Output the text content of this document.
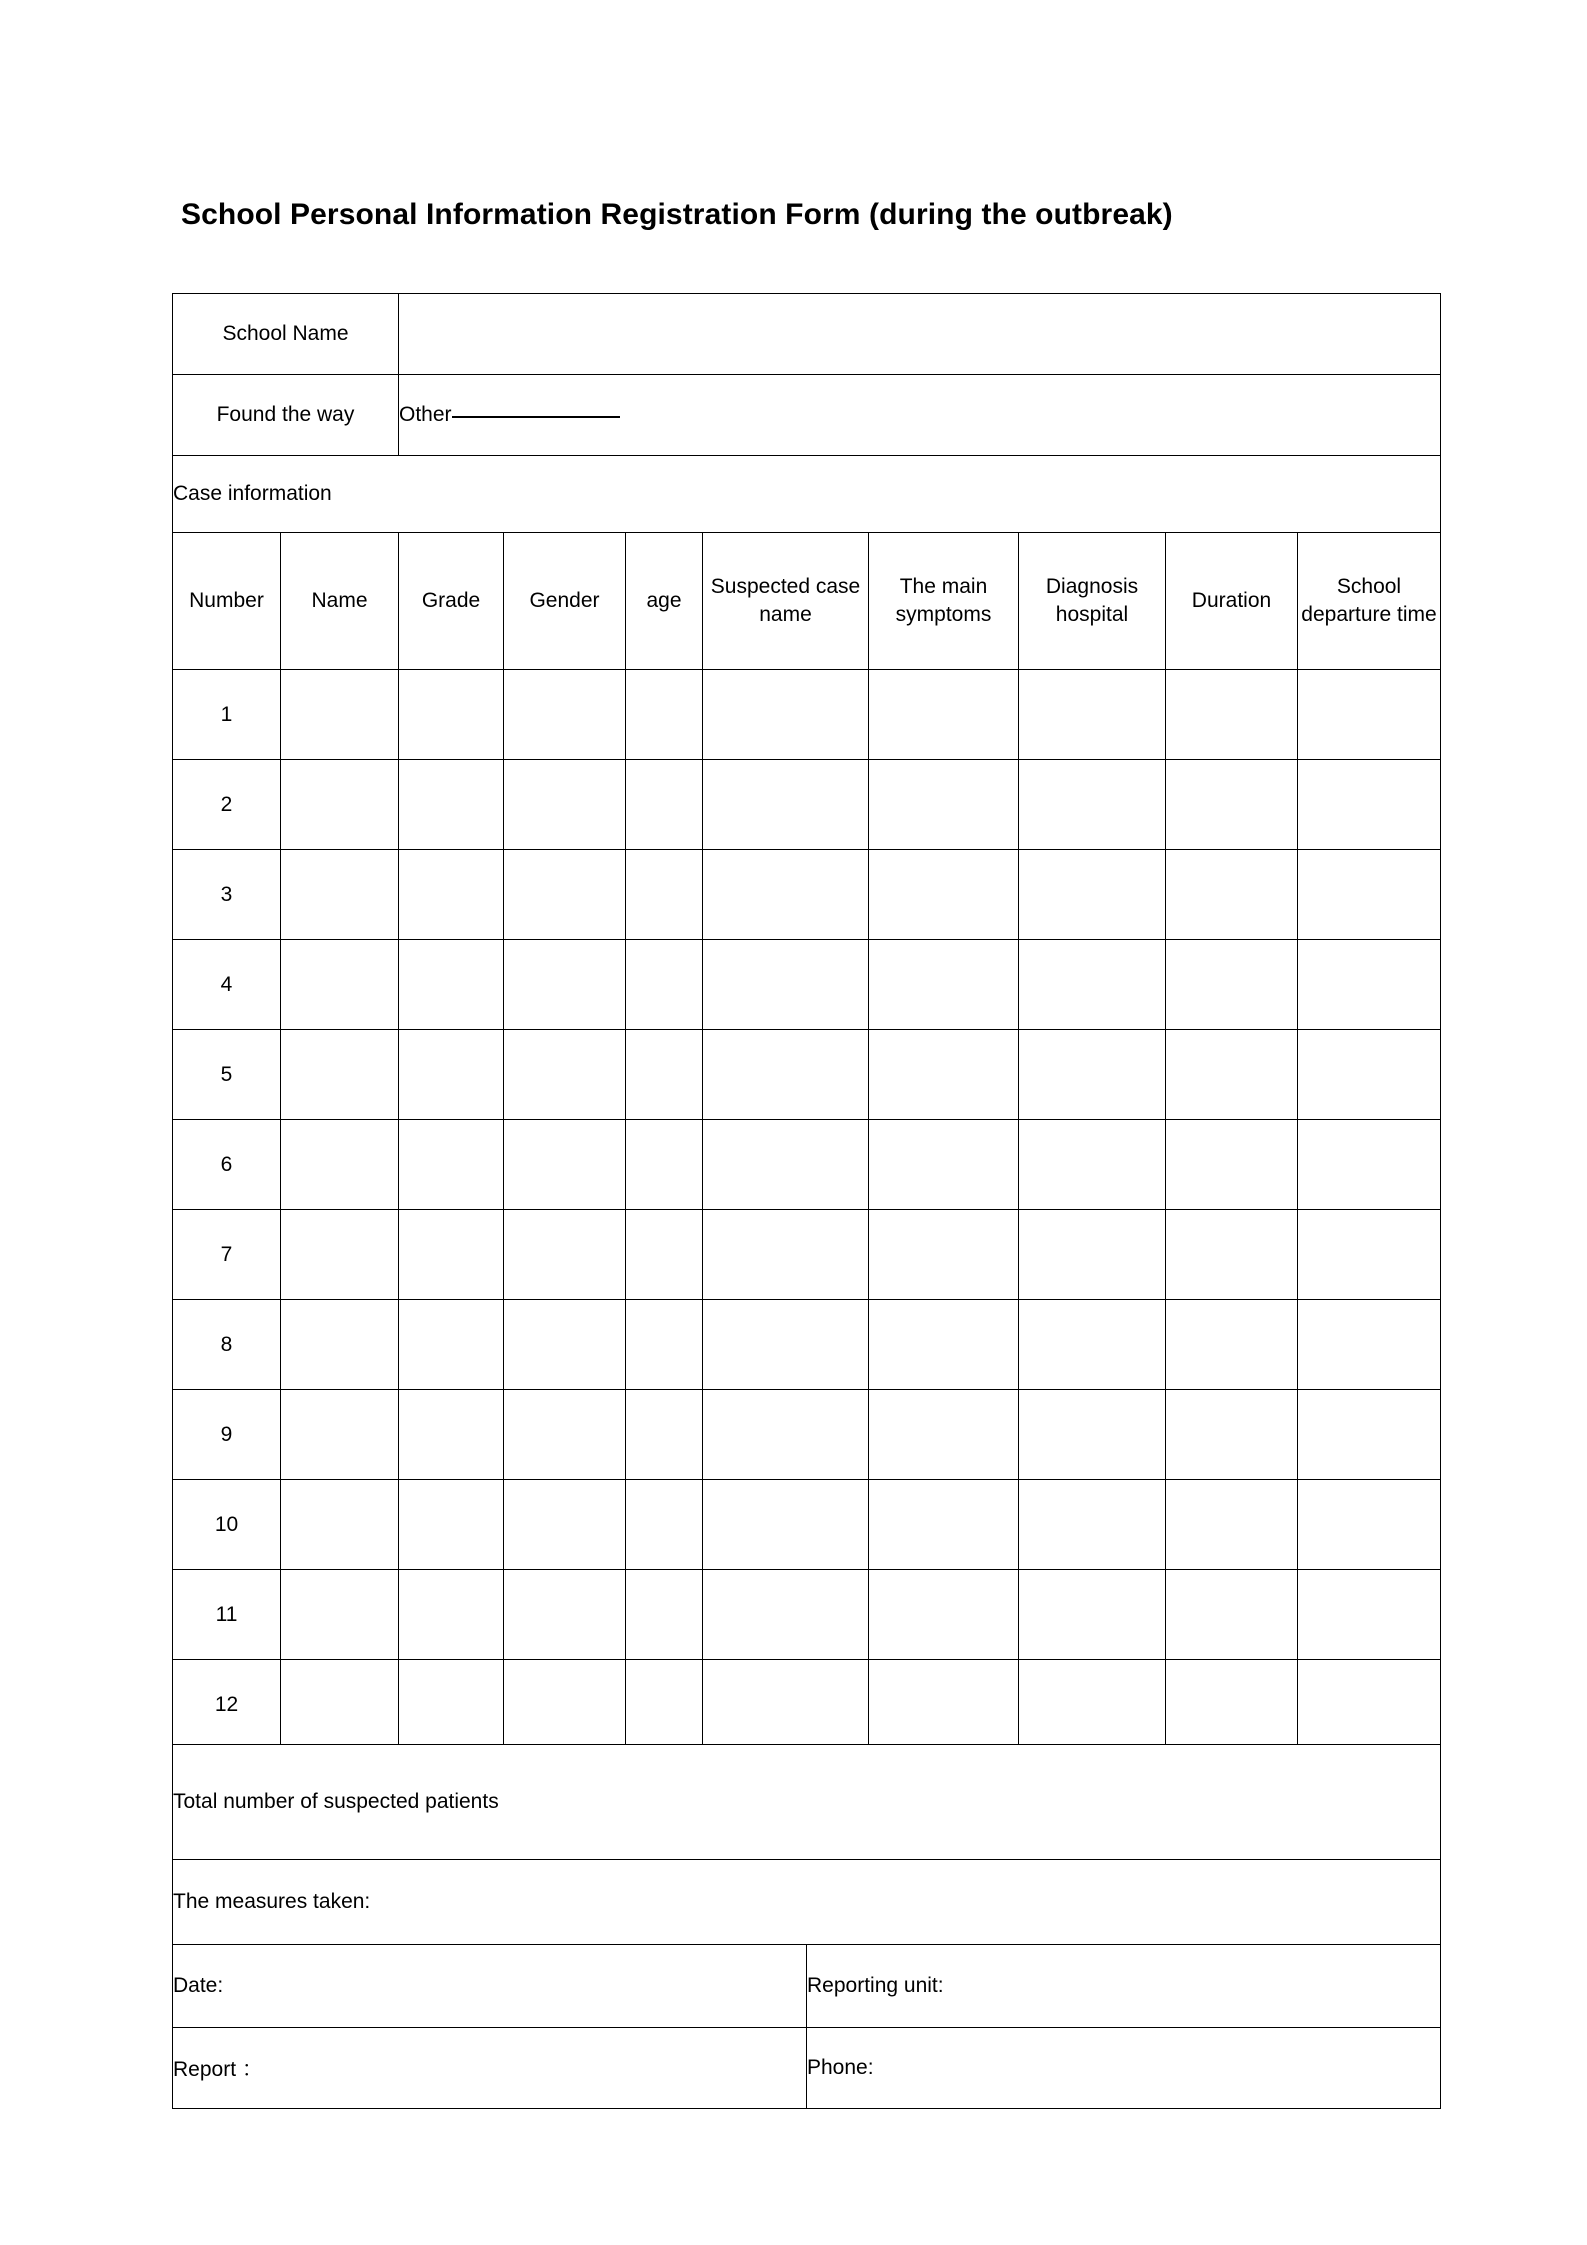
School Personal Information Registration Form (during the outbreak)
School Name	
Found the way	Other
Case information
Number	Name	Grade	Gender	age	Suspected case name	The main symptoms	Diagnosis hospital	Duration	School departure time
1									
2									
3									
4									
5									
6									
7									
8									
9									
10									
11									
12									
Total number of suspected patients	
The measures taken:	
Date:	Reporting unit:
Report ：	Phone:
